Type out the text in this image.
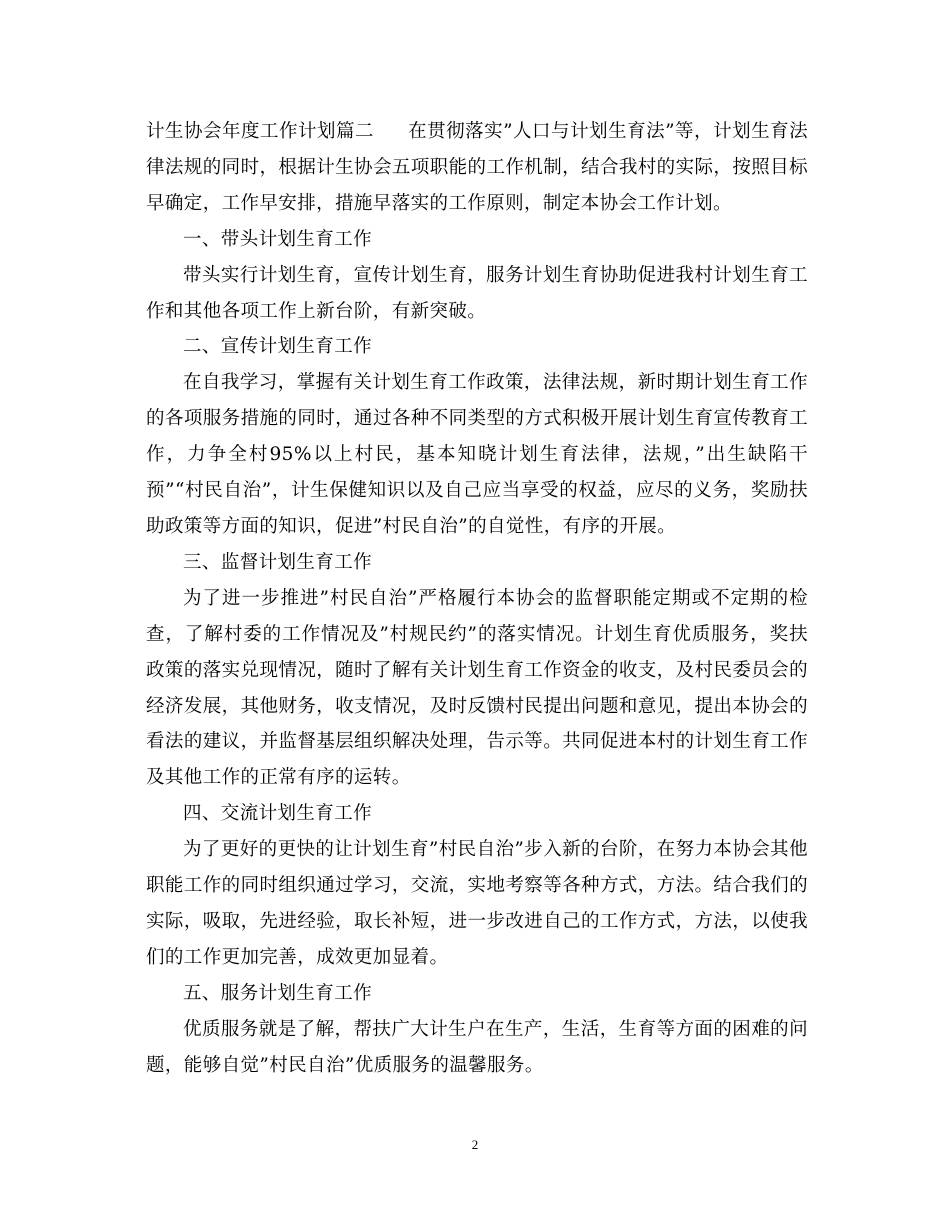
计生协会年度工作计划篇二 在贯彻落实”人口与计划生育法”等，计划生育法律法规的同时，根据计生协会五项职能的工作机制，结合我村的实际，按照目标早确定，工作早安排，措施早落实的工作原则，制定本协会工作计划。

一、带头计划生育工作

带头实行计划生育，宣传计划生育，服务计划生育协助促进我村计划生育工作和其他各项工作上新台阶，有新突破。

二、宣传计划生育工作

在自我学习，掌握有关计划生育工作政策，法律法规，新时期计划生育工作的各项服务措施的同时，通过各种不同类型的方式积极开展计划生育宣传教育工作，力争全村95%以上村民，基本知晓计划生育法律，法规，”出生缺陷干预”“村民自治”，计生保健知识以及自己应当享受的权益，应尽的义务，奖励扶助政策等方面的知识，促进”村民自治”的自觉性，有序的开展。

三、监督计划生育工作

为了进一步推进”村民自治”严格履行本协会的监督职能定期或不定期的检查，了解村委的工作情况及”村规民约”的落实情况。计划生育优质服务，奖扶政策的落实兑现情况，随时了解有关计划生育工作资金的收支，及村民委员会的经济发展，其他财务，收支情况，及时反馈村民提出问题和意见，提出本协会的看法的建议，并监督基层组织解决处理，告示等。共同促进本村的计划生育工作及其他工作的正常有序的运转。

四、交流计划生育工作

为了更好的更快的让计划生育”村民自治”步入新的台阶，在努力本协会其他职能工作的同时组织通过学习，交流，实地考察等各种方式，方法。结合我们的实际，吸取，先进经验，取长补短，进一步改进自己的工作方式，方法，以使我们的工作更加完善，成效更加显着。

五、服务计划生育工作

优质服务就是了解，帮扶广大计生户在生产，生活，生育等方面的困难的问题，能够自觉”村民自治”优质服务的温馨服务。

2
